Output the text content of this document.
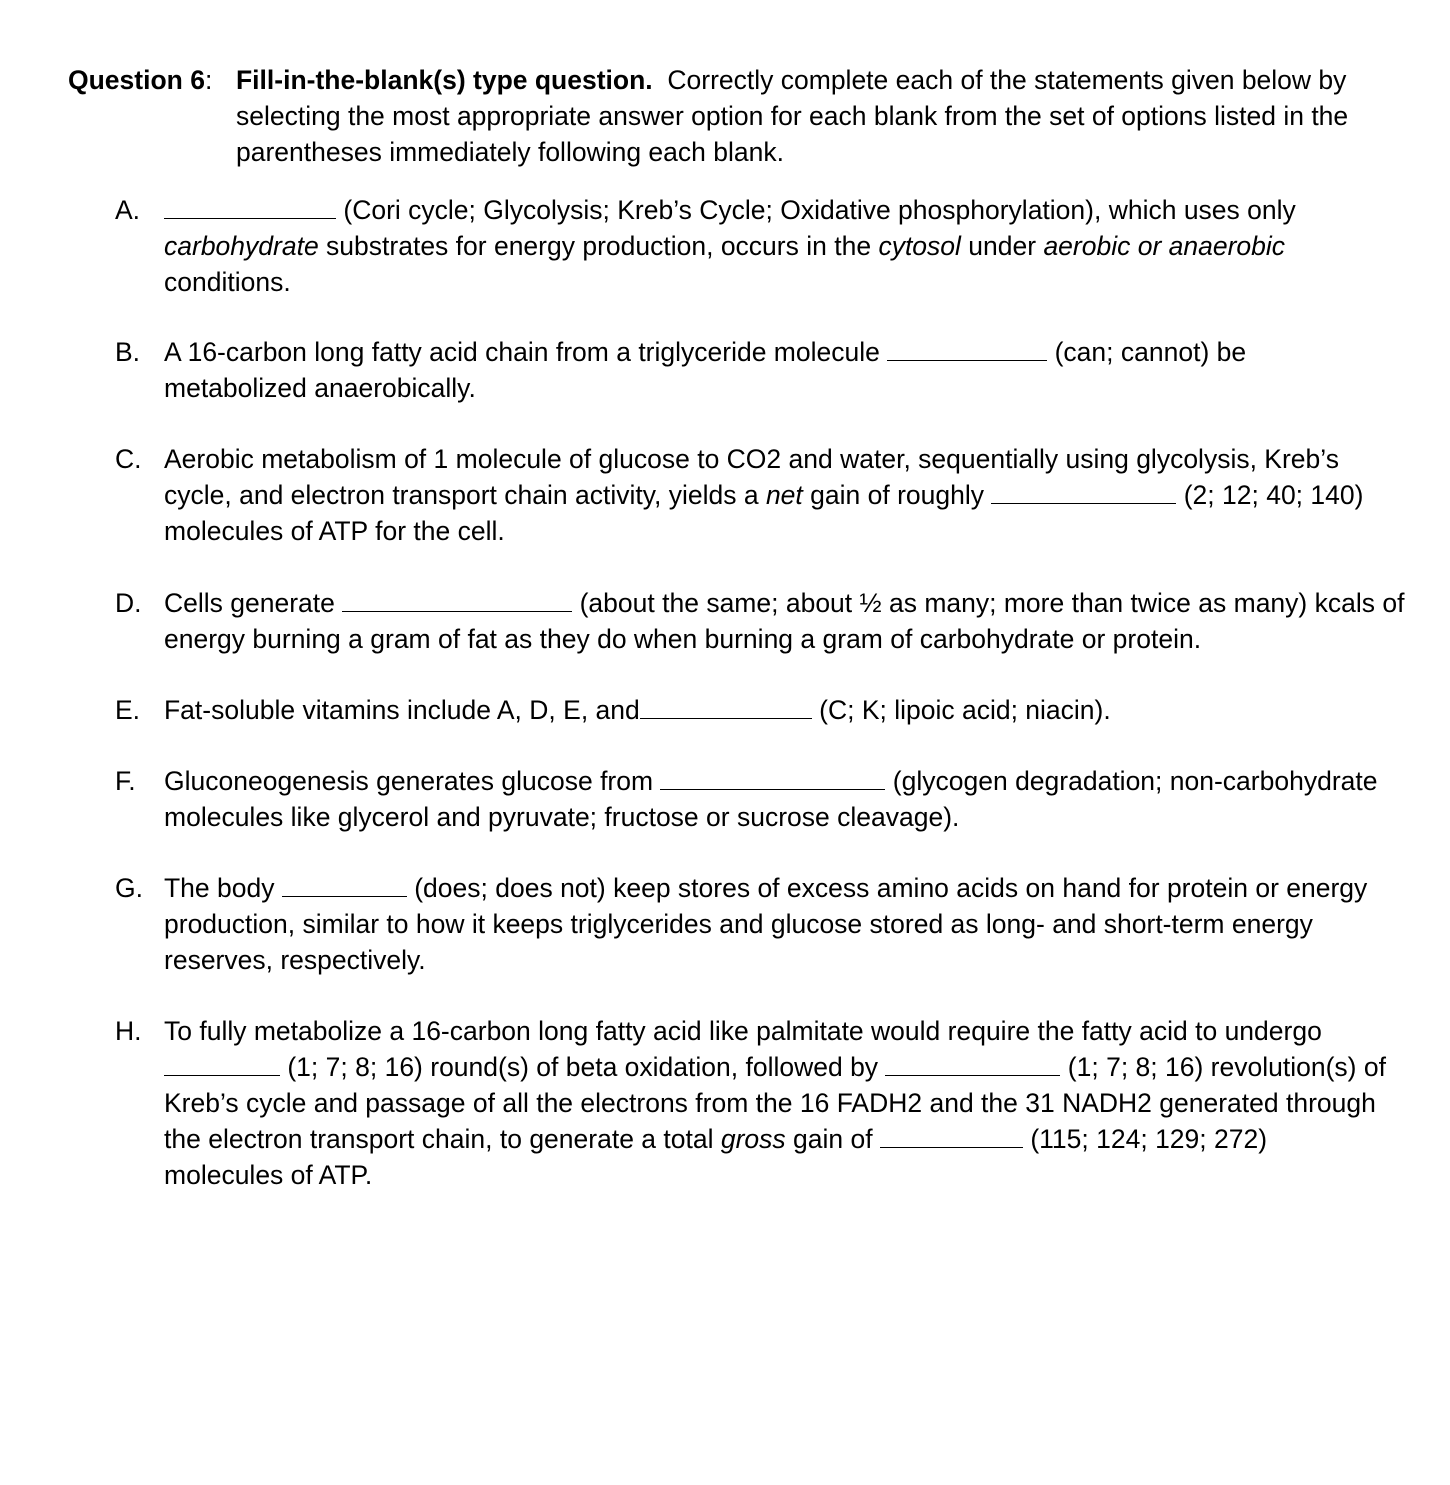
Question 6: Fill-in-the-blank(s) type question. Correctly complete each of the statements given below by
selecting the most appropriate answer option for each blank from the set of options listed in the
parentheses immediately following each blank.
A.	(Cori cycle; Glycolysis; Kreb’s Cycle; Oxidative phosphorylation), which uses only
carbohydrate substrates for energy production, occurs in the cytosol under aerobic or anaerobic
conditions.
B. A 16-carbon long fatty acid chain from a triglyceride molecule	(can; cannot) be
metabolized anaerobically.
C. Aerobic metabolism of 1 molecule of glucose to CO2 and water, sequentially using glycolysis, Kreb’s
cycle, and electron transport chain activity, yields a net gain of roughly	(2; 12; 40; 140)
molecules of ATP for the cell.
D. Cells generate	(about the same; about ½ as many; more than twice as many) kcals of
energy burning a gram of fat as they do when burning a gram of carbohydrate or protein.
E. Fat-soluble vitamins include A, D, E, and	(C; K; lipoic acid; niacin).
F.	Gluconeogenesis generates glucose from	(glycogen degradation; non-carbohydrate
molecules like glycerol and pyruvate; fructose or sucrose cleavage).
G. The body	(does; does not) keep stores of excess amino acids on hand for protein or energy
production, similar to how it keeps triglycerides and glucose stored as long- and short-term energy
reserves, respectively.
H. To fully metabolize a 16-carbon long fatty acid like palmitate would require the fatty acid to undergo
(1; 7; 8; 16) round(s) of beta oxidation, followed by	(1; 7; 8; 16) revolution(s) of
Kreb’s cycle and passage of all the electrons from the 16 FADH2 and the 31 NADH2 generated through
the electron transport chain, to generate a total gross gain of	(115; 124; 129; 272)
molecules of ATP.
